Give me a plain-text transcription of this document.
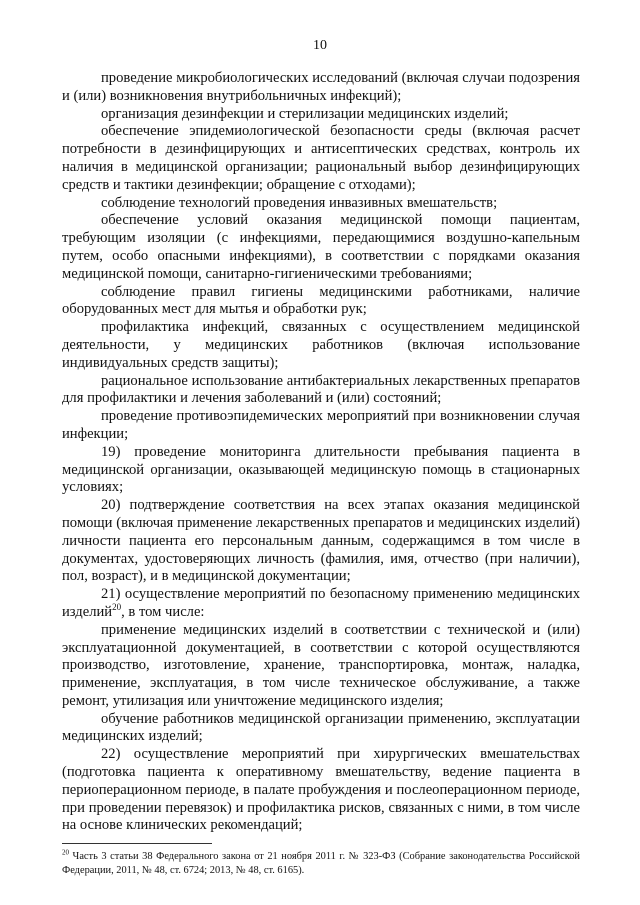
10

проведение микробиологических исследований (включая случаи подозрения и (или) возникновения внутрибольничных инфекций);

организация дезинфекции и стерилизации медицинских изделий;

обеспечение эпидемиологической безопасности среды (включая расчет потребности в дезинфицирующих и антисептических средствах, контроль их наличия в медицинской организации; рациональный выбор дезинфицирующих средств и тактики дезинфекции; обращение с отходами);

соблюдение технологий проведения инвазивных вмешательств;

обеспечение условий оказания медицинской помощи пациентам, требующим изоляции (с инфекциями, передающимися воздушно-капельным путем, особо опасными инфекциями), в соответствии с порядками оказания медицинской помощи, санитарно-гигиеническими требованиями;

соблюдение правил гигиены медицинскими работниками, наличие оборудованных мест для мытья и обработки рук;

профилактика инфекций, связанных с осуществлением медицинской деятельности, у медицинских работников (включая использование индивидуальных средств защиты);

рациональное использование антибактериальных лекарственных препаратов для профилактики и лечения заболеваний и (или) состояний;

проведение противоэпидемических мероприятий при возникновении случая инфекции;

19) проведение мониторинга длительности пребывания пациента в медицинской организации, оказывающей медицинскую помощь в стационарных условиях;

20) подтверждение соответствия на всех этапах оказания медицинской помощи (включая применение лекарственных препаратов и медицинских изделий) личности пациента его персональным данным, содержащимся в том числе в документах, удостоверяющих личность (фамилия, имя, отчество (при наличии), пол, возраст), и в медицинской документации;

21) осуществление мероприятий по безопасному применению медицинских изделий$^{20}$, в том числе:

применение медицинских изделий в соответствии с технической и (или) эксплуатационной документацией, в соответствии с которой осуществляются производство, изготовление, хранение, транспортировка, монтаж, наладка, применение, эксплуатация, в том числе техническое обслуживание, а также ремонт, утилизация или уничтожение медицинского изделия;

обучение работников медицинской организации применению, эксплуатации медицинских изделий;

22) осуществление мероприятий при хирургических вмешательствах (подготовка пациента к оперативному вмешательству, ведение пациента в периоперационном периоде, в палате пробуждения и послеоперационном периоде, при проведении перевязок) и профилактика рисков, связанных с ними, в том числе на основе клинических рекомендаций;

$^{20}$ Часть 3 статьи 38 Федерального закона от 21 ноября 2011 г. № 323-ФЗ (Собрание законодательства Российской Федерации, 2011, № 48, ст. 6724; 2013, № 48, ст. 6165).
